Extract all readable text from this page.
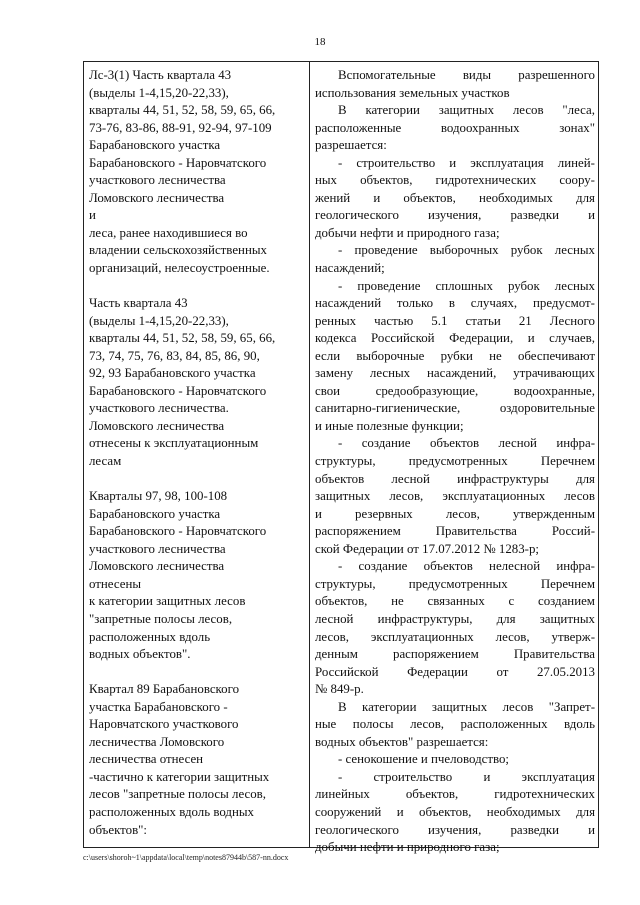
18
Лс-3(1) Часть квартала 43
(выделы 1-4,15,20-22,33),
кварталы 44, 51, 52, 58, 59, 65, 66,
73-76, 83-86, 88-91, 92-94, 97-109
Барабановского участка
Барабановского - Наровчатского
участкового лесничества
Ломовского лесничества
и
леса, ранее находившиеся во
владении сельскохозяйственных
организаций, нелесоустроенные.
Часть квартала 43
(выделы 1-4,15,20-22,33),
кварталы 44, 51, 52, 58, 59, 65, 66,
73, 74, 75, 76, 83, 84, 85, 86, 90,
92, 93 Барабановского участка
Барабановского - Наровчатского
участкового лесничества.
Ломовского лесничества
отнесены к эксплуатационным
лесам
Кварталы 97, 98, 100-108
Барабановского участка
Барабановского - Наровчатского
участкового лесничества
Ломовского лесничества
отнесены
к категории защитных лесов
"запретные полосы лесов,
расположенных вдоль
водных объектов".
Квартал 89 Барабановского
участка Барабановского -
Наровчатского участкового
лесничества Ломовского
лесничества отнесен
-частично к категории защитных
лесов "запретные полосы лесов,
расположенных вдоль водных
объектов":
Вспомогательные виды разрешенного
использования земельных участков
В категории защитных лесов "леса,
расположенные	водоохранных	зонах"
разрешается:
- строительство и эксплуатация линей-
ных объектов, гидротехнических соору-
жений и объектов, необходимых для
геологического изучения, разведки и
добычи нефти и природного газа;
- проведение выборочных рубок лесных
насаждений;
- проведение сплошных рубок лесных
насаждений только в случаях, предусмот-
ренных частью 5.1 статьи 21 Лесного
кодекса Российской Федерации, и случаев,
если выборочные рубки не обеспечивают
замену лесных насаждений, утрачивающих
свои	средообразующие,	водоохранные,
санитарно-гигиенические,	оздоровительные
и иные полезные функции;
- создание объектов лесной инфра-
структуры,	предусмотренных	Перечнем
объектов лесной инфраструктуры для
защитных лесов, эксплуатационных лесов
и	резервных	лесов,	утвержденным
распоряжением	Правительства	Россий-
ской Федерации от 17.07.2012 № 1283-р;
- создание объектов нелесной инфра-
структуры,	предусмотренных	Перечнем
объектов, не связанных с созданием
лесной инфраструктуры, для защитных
лесов, эксплуатационных лесов, утверж-
денным	распоряжением	Правительства
Российской Федерации от 27.05.2013
№ 849-р.
В категории защитных лесов "Запрет-
ные полосы лесов, расположенных вдоль
водных объектов" разрешается:
- сенокошение и пчеловодство;
- строительство и эксплуатация
линейных	объектов,	гидротехнических
сооружений и объектов, необходимых для
геологического изучения, разведки и
добычи нефти и природного газа;
c:\users\shoroh~1\appdata\local\temp\notes87944b\587-nn.docx
